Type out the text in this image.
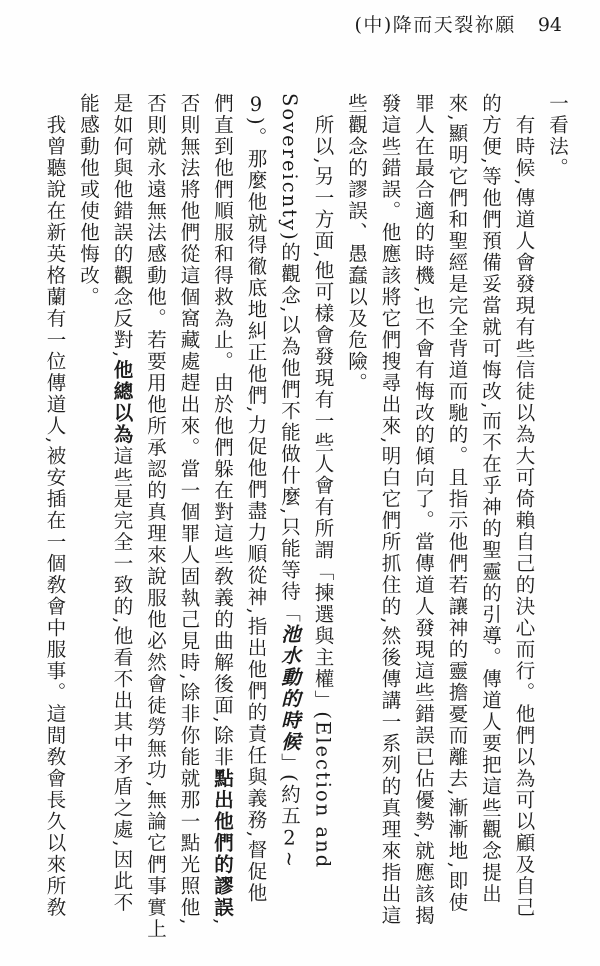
(中)降而天裂祢願 94
一看法。
　有時候,傳道人會發現有些信徒以為大可倚賴自己的決心而行。他們以為可以顧及自己
的方便,等他們預備妥當就可悔改,而不在乎神的聖靈的引導。傳道人要把這些觀念提出
來,顯明它們和聖經是完全背道而馳的。且指示他們若讓神的靈擔憂而離去,漸漸地,即使
罪人在最合適的時機,也不會有悔改的傾向了。當傳道人發現這些錯誤已佔優勢,就應該揭
發這些錯誤。他應該將它們搜尋出來,明白它們所抓住的,然後傳講一系列的真理來指出這
些觀念的謬誤、愚蠢以及危險。
　所以,另一方面,他可樣會發現有一些人會有所謂「揀選與主權」(Election and
Sovereicnty)的觀念,以為他們不能做什麼,只能等待「池水動的時候」(約五2~
9)。那麼他就得徹底地糾正他們,力促他們盡力順從神,指出他們的責任與義務,督促他
們直到他們順服和得救為止。由於他們躲在對這些敎義的曲解後面,除非點出他們的謬誤,
否則無法將他們從這個窩藏處趕出來。當一個罪人固執己見時,除非你能就那一點光照他,
否則就永遠無法感動他。若要用他所承認的真理來說服他必然會徒勞無功,無論它們事實上
是如何與他錯誤的觀念反對,他總以為這些是完全一致的,他看不出其中矛盾之處,因此不
能感動他或使他悔改。
　我曾聽說在新英格蘭有一位傳道人,被安插在一個敎會中服事。這間敎會長久以來所敎
